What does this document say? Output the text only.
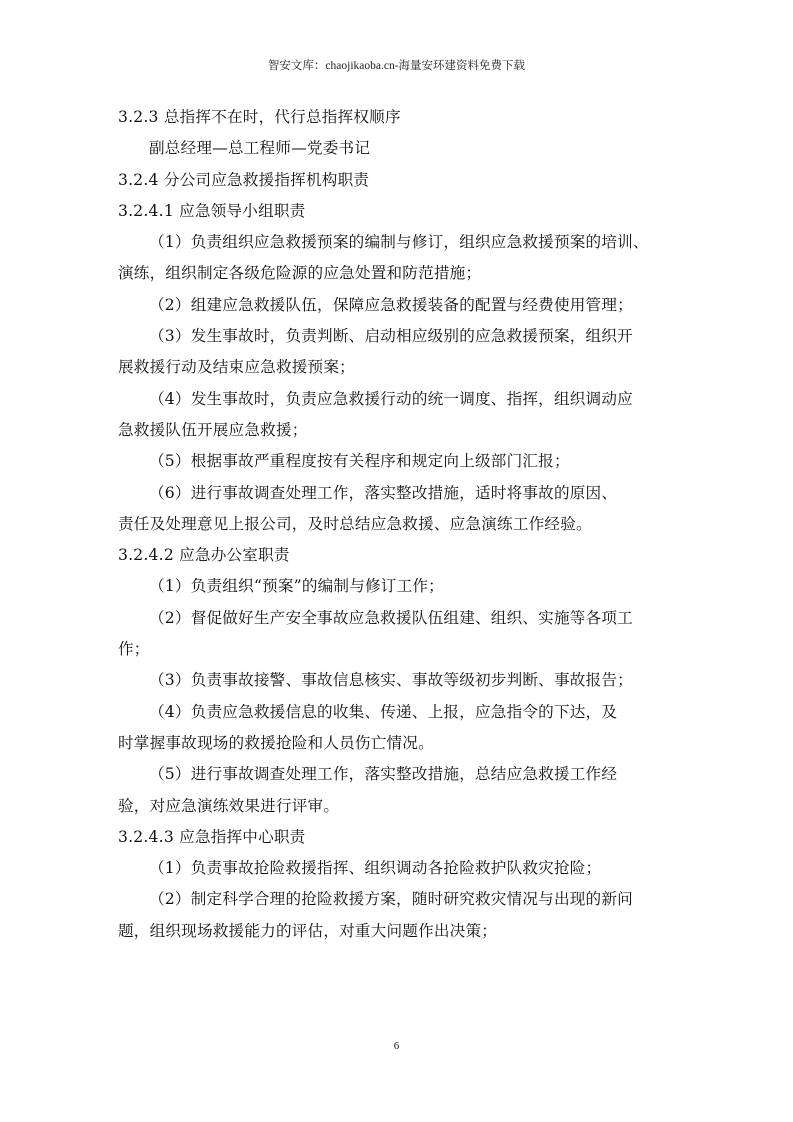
智安文库：chaojikaoba.cn-海量安环建资料免费下载
3.2.3 总指挥不在时，代行总指挥权顺序
副总经理—总工程师—党委书记
3.2.4 分公司应急救援指挥机构职责
3.2.4.1 应急领导小组职责
（1）负责组织应急救援预案的编制与修订，组织应急救援预案的培训、
演练，组织制定各级危险源的应急处置和防范措施；
（2）组建应急救援队伍，保障应急救援装备的配置与经费使用管理；
（3）发生事故时，负责判断、启动相应级别的应急救援预案，组织开
展救援行动及结束应急救援预案；
（4）发生事故时，负责应急救援行动的统一调度、指挥，组织调动应
急救援队伍开展应急救援；
（5）根据事故严重程度按有关程序和规定向上级部门汇报；
（6）进行事故调查处理工作，落实整改措施，适时将事故的原因、
责任及处理意见上报公司，及时总结应急救援、应急演练工作经验。
3.2.4.2 应急办公室职责
（1）负责组织“预案”的编制与修订工作；
（2）督促做好生产安全事故应急救援队伍组建、组织、实施等各项工
作；
（3）负责事故接警、事故信息核实、事故等级初步判断、事故报告；
（4）负责应急救援信息的收集、传递、上报，应急指令的下达，及
时掌握事故现场的救援抢险和人员伤亡情况。
（5）进行事故调查处理工作，落实整改措施，总结应急救援工作经
验，对应急演练效果进行评审。
3.2.4.3 应急指挥中心职责
（1）负责事故抢险救援指挥、组织调动各抢险救护队救灾抢险；
（2）制定科学合理的抢险救援方案，随时研究救灾情况与出现的新问
题，组织现场救援能力的评估，对重大问题作出决策；
6
